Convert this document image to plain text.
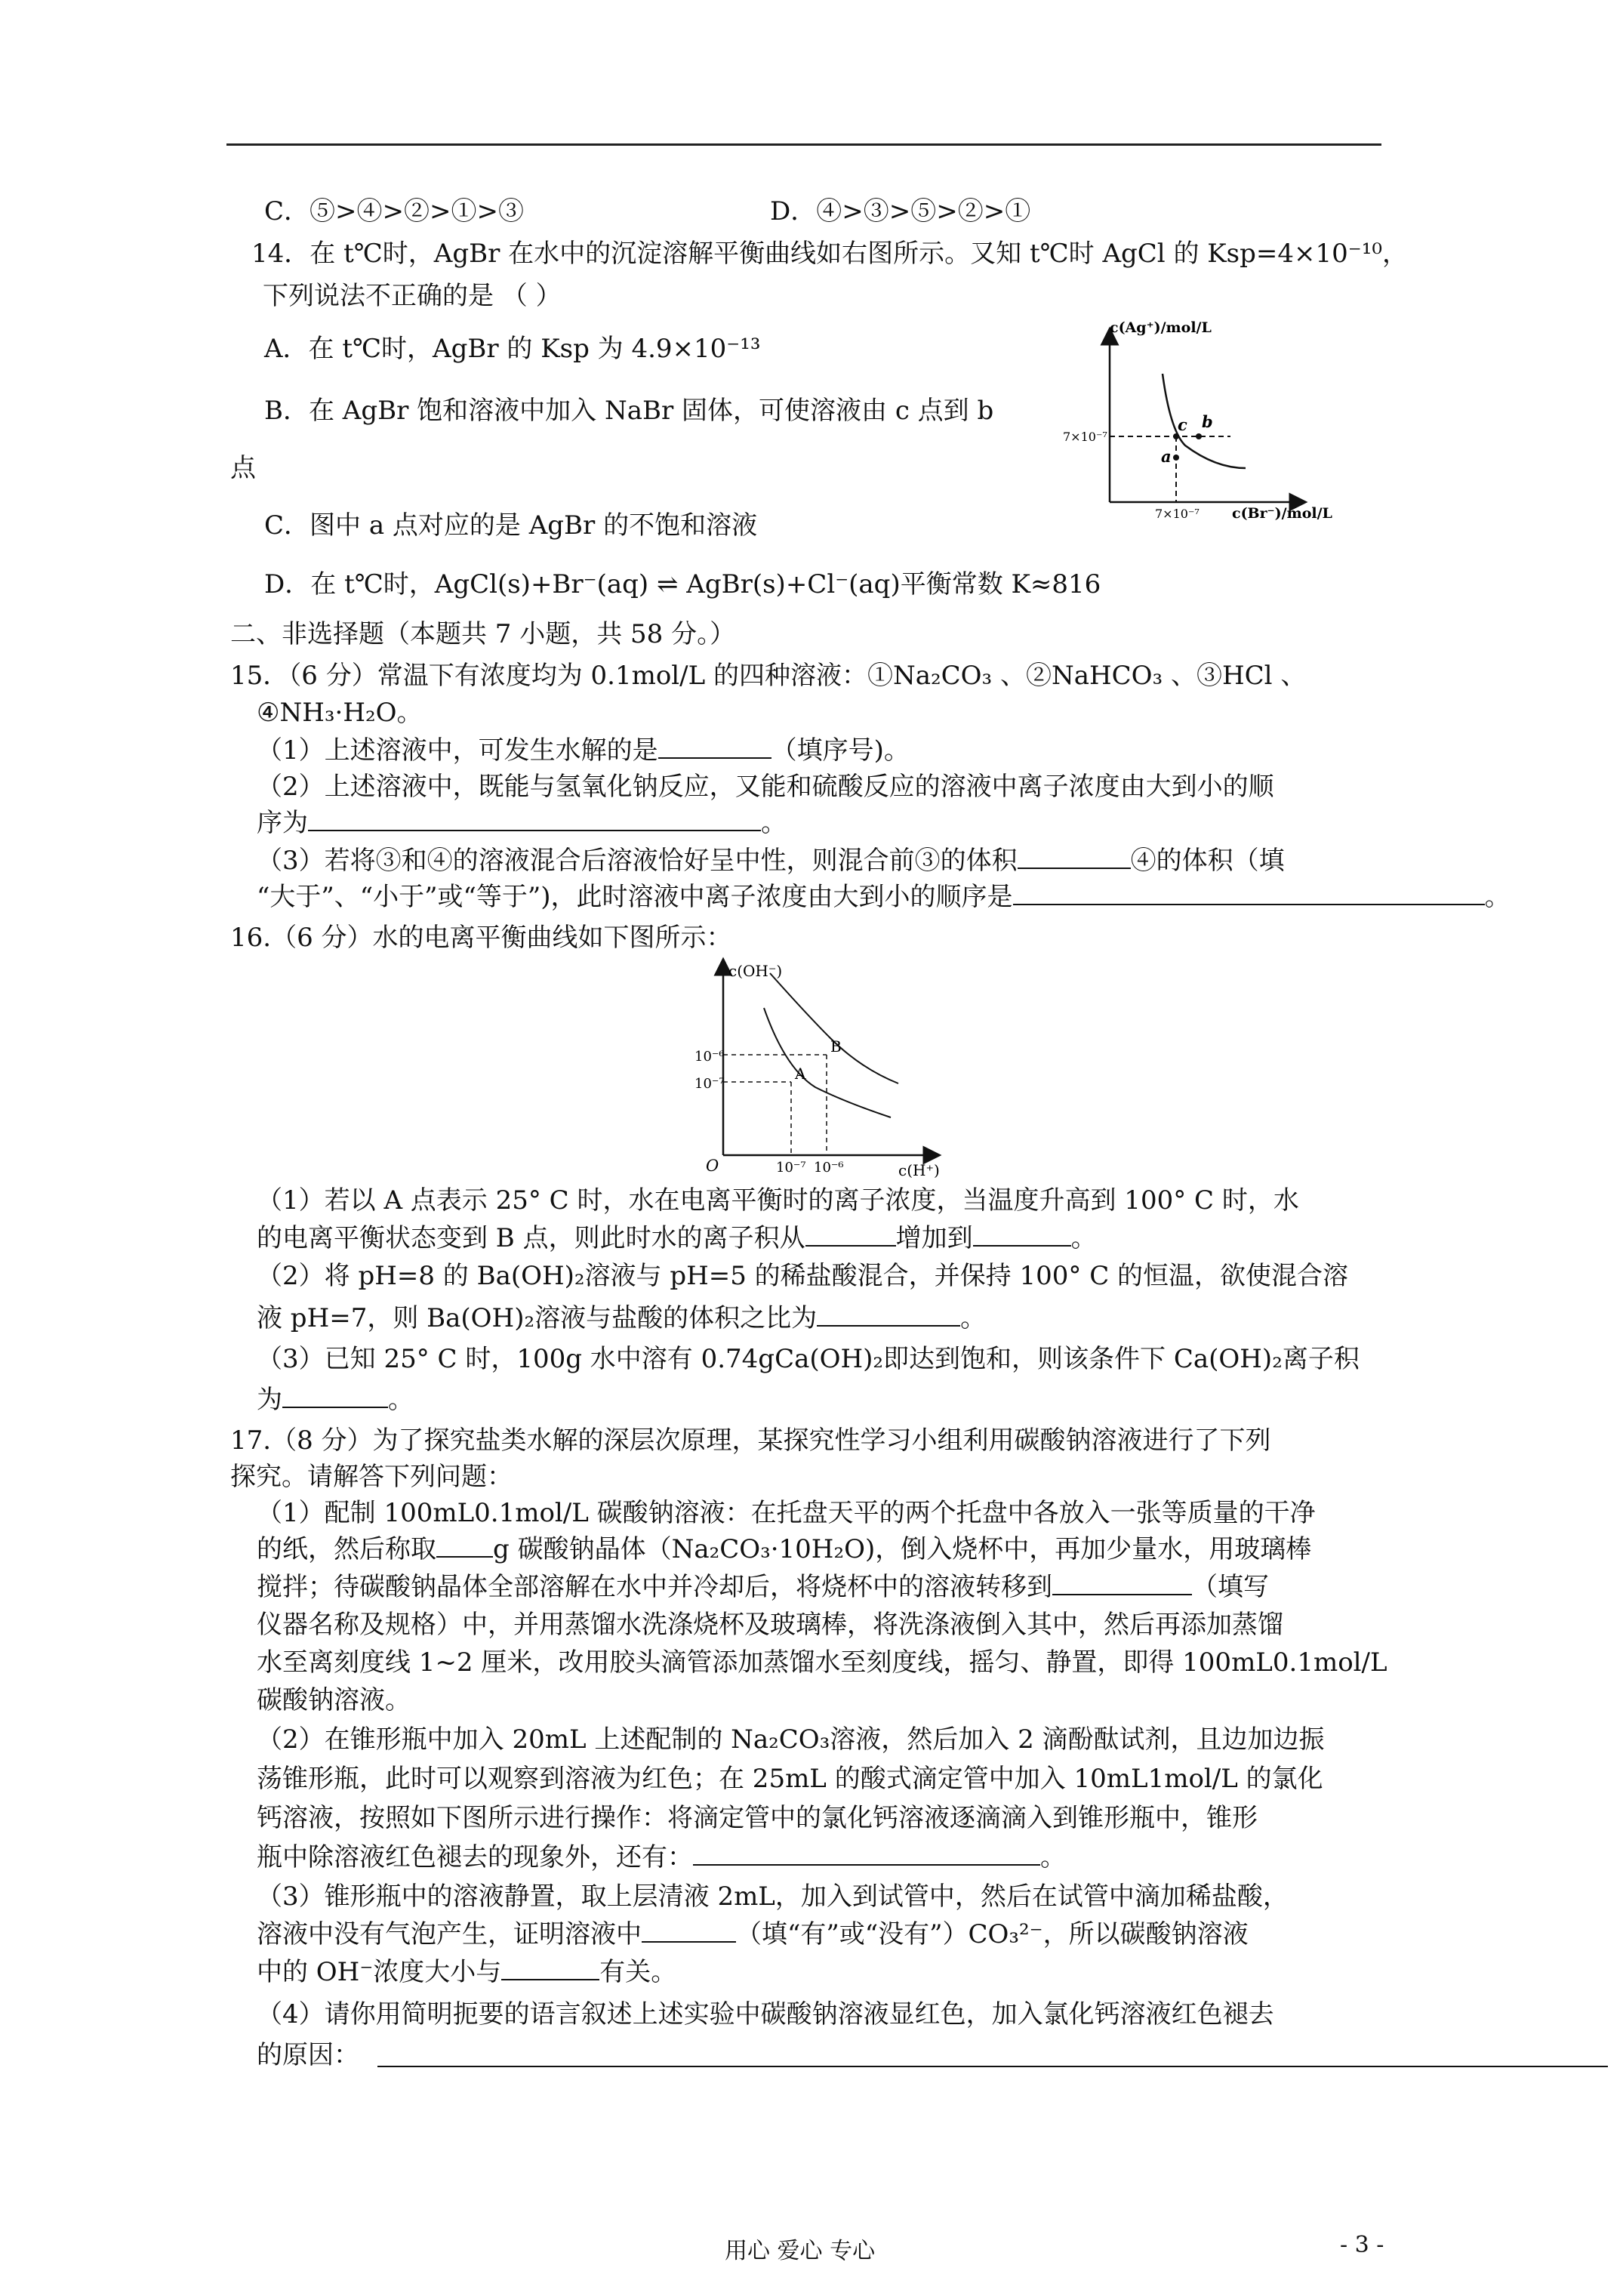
C．⑤>④>②>①>③	D．④>③>⑤>②>①
14．在 t℃时，AgBr 在水中的沉淀溶解平衡曲线如右图所示。又知 t℃时 AgCl 的 Ksp=4×10⁻¹⁰，
下列说法不正确的是 （ ）
A．在 t℃时，AgBr 的 Ksp 为 4.9×10⁻¹³
B．在 AgBr 饱和溶液中加入 NaBr 固体，可使溶液由 c 点到 b
点
C．图中 a 点对应的是 AgBr 的不饱和溶液
D．在 t℃时，AgCl(s)+Br⁻(aq) ⇌ AgBr(s)+Cl⁻(aq)平衡常数 K≈816
二、非选择题（本题共 7 小题，共 58 分。）
15．（6 分）常温下有浓度均为 0.1mol/L 的四种溶液：①Na₂CO₃ 、②NaHCO₃ 、③HCl 、
④NH₃·H₂O。
（1）上述溶液中，可发生水解的是	（填序号)。
（2）上述溶液中，既能与氢氧化钠反应，又能和硫酸反应的溶液中离子浓度由大到小的顺
序为	。
（3）若将③和④的溶液混合后溶液恰好呈中性，则混合前③的体积	④的体积（填
“大于”、“小于”或“等于”)，此时溶液中离子浓度由大到小的顺序是	。
16.（6 分）水的电离平衡曲线如下图所示：
（1）若以 A 点表示 25° C 时，水在电离平衡时的离子浓度，当温度升高到 100° C 时，水
的电离平衡状态变到 B 点，则此时水的离子积从	增加到	。
（2）将 pH=8 的 Ba(OH)₂溶液与 pH=5 的稀盐酸混合，并保持 100° C 的恒温，欲使混合溶
液 pH=7，则 Ba(OH)₂溶液与盐酸的体积之比为	。
（3）已知 25° C 时，100g 水中溶有 0.74gCa(OH)₂即达到饱和，则该条件下 Ca(OH)₂离子积
为	。
17.（8 分）为了探究盐类水解的深层次原理，某探究性学习小组利用碳酸钠溶液进行了下列
探究。请解答下列问题：
（1）配制 100mL0.1mol/L 碳酸钠溶液：在托盘天平的两个托盘中各放入一张等质量的干净
的纸，然后称取 g 碳酸钠晶体（Na₂CO₃·10H₂O)，倒入烧杯中，再加少量水，用玻璃棒
搅拌；待碳酸钠晶体全部溶解在水中并冷却后，将烧杯中的溶液转移到	（填写
仪器名称及规格）中，并用蒸馏水洗涤烧杯及玻璃棒，将洗涤液倒入其中，然后再添加蒸馏
水至离刻度线 1~2 厘米，改用胶头滴管添加蒸馏水至刻度线，摇匀、静置，即得 100mL0.1mol/L
碳酸钠溶液。
（2）在锥形瓶中加入 20mL 上述配制的 Na₂CO₃溶液，然后加入 2 滴酚酞试剂，且边加边振
荡锥形瓶，此时可以观察到溶液为红色；在 25mL 的酸式滴定管中加入 10mL1mol/L 的氯化
钙溶液，按照如下图所示进行操作：将滴定管中的氯化钙溶液逐滴滴入到锥形瓶中，锥形
瓶中除溶液红色褪去的现象外，还有：	。
（3）锥形瓶中的溶液静置，取上层清液 2mL，加入到试管中，然后在试管中滴加稀盐酸，
溶液中没有气泡产生，证明溶液中	（填“有”或“没有”）CO₃²⁻，所以碳酸钠溶液
中的 OH⁻浓度大小与	有关。
（4）请你用简明扼要的语言叙述上述实验中碳酸钠溶液显红色，加入氯化钙溶液红色褪去
的原因：
c(Ag⁺)/mol/L
c(Br⁻)/mol/L
7×10⁻⁷
7×10⁻⁷
c b
a
c(OH⁻)
c(H⁺)
O
10⁻⁶
10⁻⁷
10⁻⁷ 10⁻⁶
A
B
用心 爱心 专心	- 3 -
